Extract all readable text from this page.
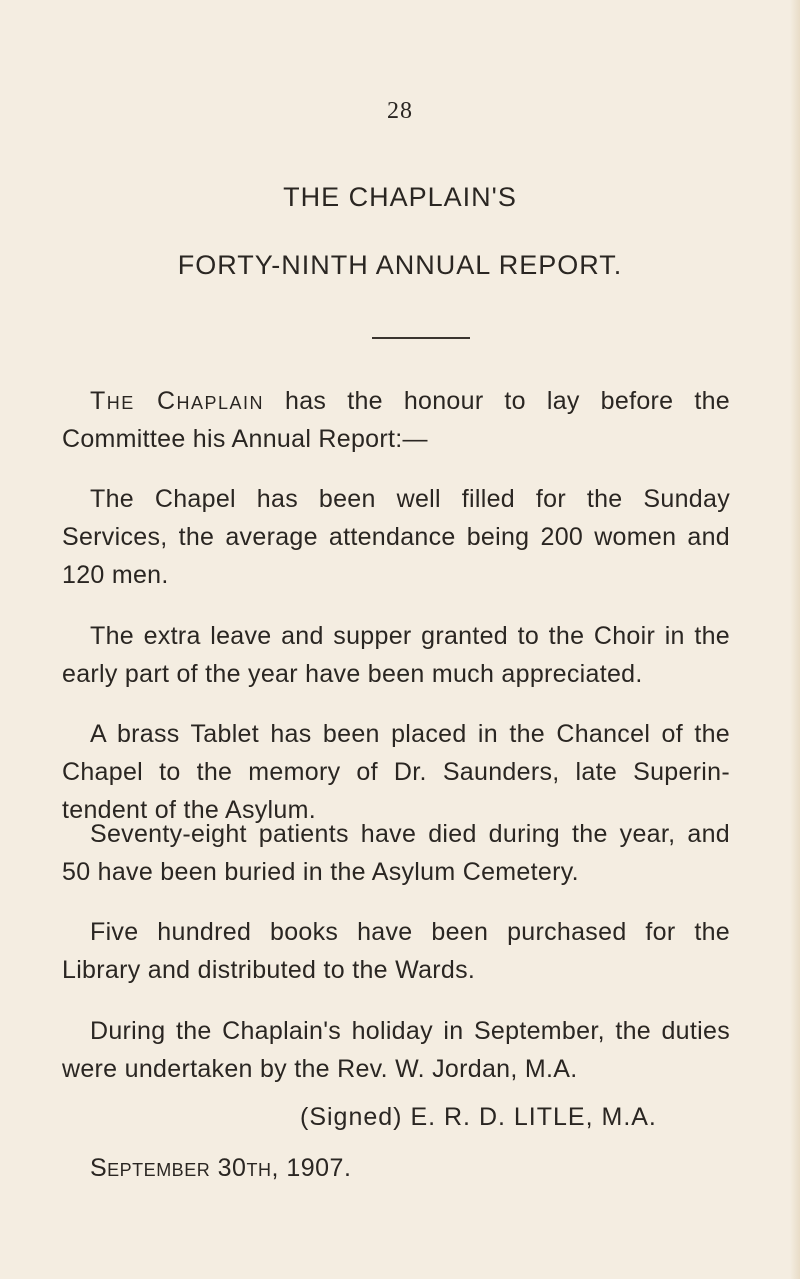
28
THE CHAPLAIN'S
FORTY-NINTH ANNUAL REPORT.

The Chaplain has the honour to lay before the Committee his Annual Report:—

The Chapel has been well filled for the Sunday Services, the average attendance being 200 women and 120 men.

The extra leave and supper granted to the Choir in the early part of the year have been much appreciated.

A brass Tablet has been placed in the Chancel of the Chapel to the memory of Dr. Saunders, late Superin-tendent of the Asylum.

Seventy-eight patients have died during the year, and 50 have been buried in the Asylum Cemetery.

Five hundred books have been purchased for the Library and distributed to the Wards.

During the Chaplain's holiday in September, the duties were undertaken by the Rev. W. Jordan, M.A.

(Signed) E. R. D. LITLE, M.A.

September 30th, 1907.
